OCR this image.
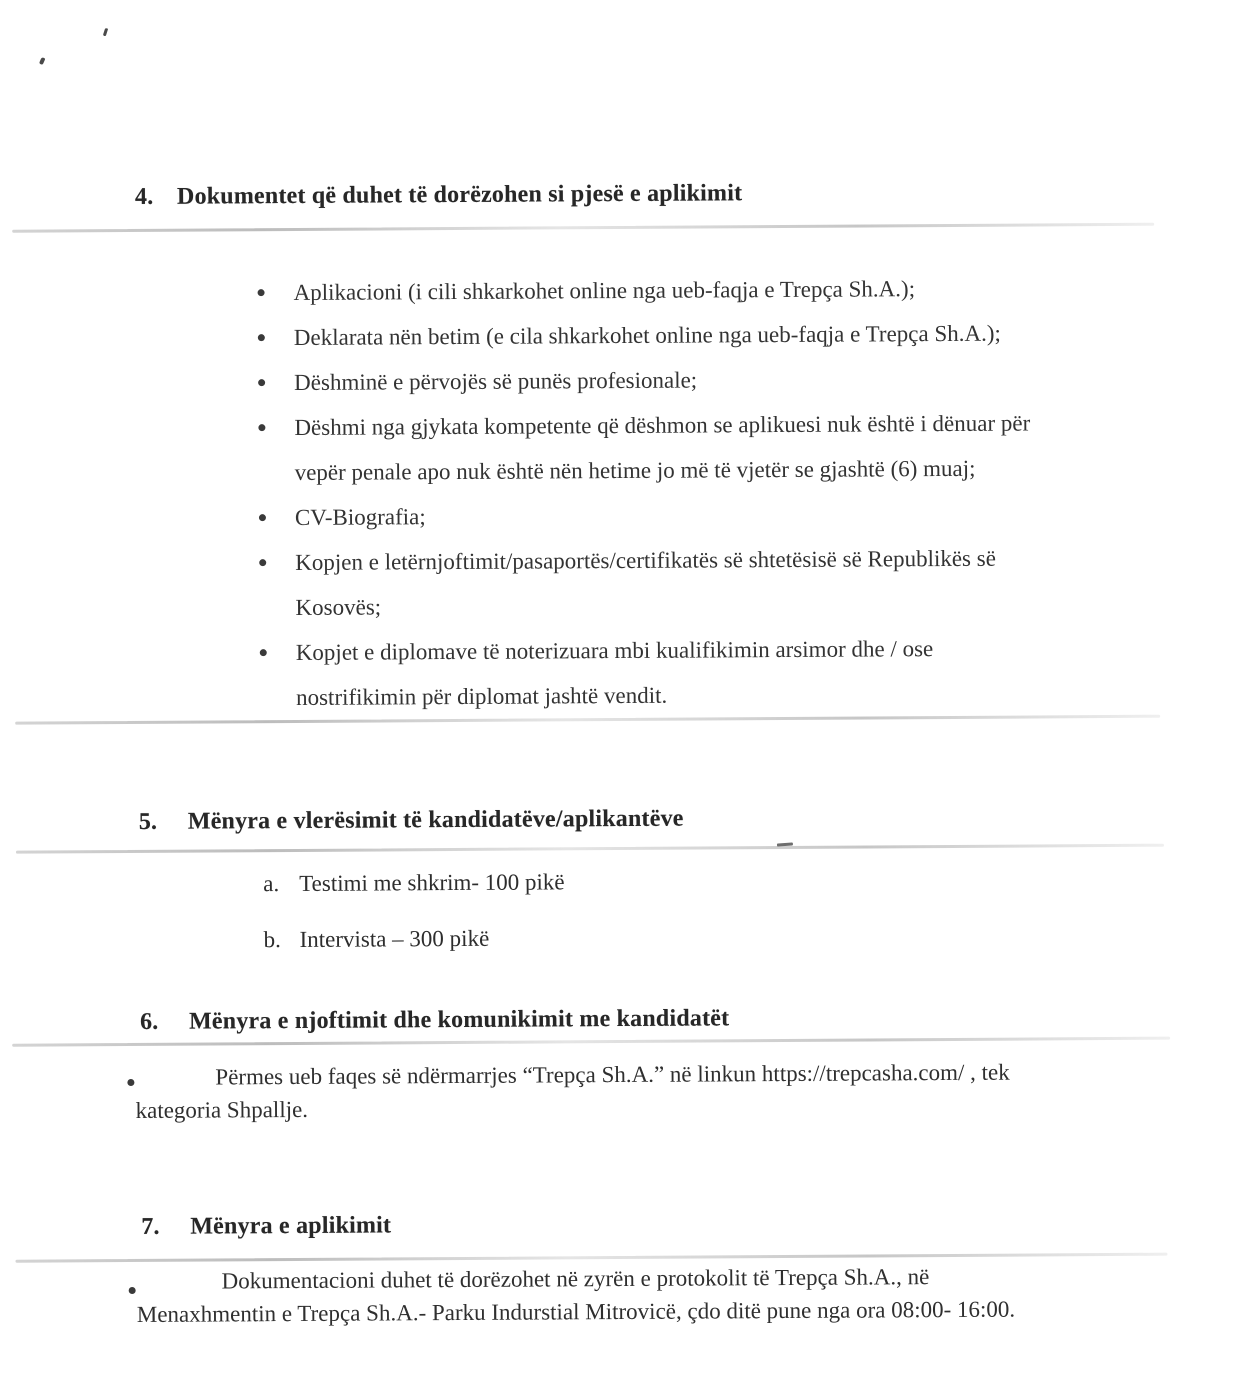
4. Dokumentet që duhet të dorëzohen si pjesë e aplikimit
Aplikacioni (i cili shkarkohet online nga ueb-faqja e Trepça Sh.A.);
Deklarata nën betim (e cila shkarkohet online nga ueb-faqja e Trepça Sh.A.);
Dëshminë e përvojës së punës profesionale;
Dëshmi nga gjykata kompetente që dëshmon se aplikuesi nuk është i dënuar për
vepër penale apo nuk është nën hetime jo më të vjetër se gjashtë (6) muaj;
CV-Biografia;
Kopjen e letërnjoftimit/pasaportës/certifikatës së shtetësisë së Republikës së
Kosovës;
Kopjet e diplomave të noterizuara mbi kualifikimin arsimor dhe / ose
nostrifikimin për diplomat jashtë vendit.
5. Mënyra e vlerësimit të kandidatëve/aplikantëve
a. Testimi me shkrim- 100 pikë
b. Intervista – 300 pikë
6. Mënyra e njoftimit dhe komunikimit me kandidatët
Përmes ueb faqes së ndërmarrjes “Trepça Sh.A.” në linkun https://trepcasha.com/ , tek
kategoria Shpallje.
7. Mënyra e aplikimit
Dokumentacioni duhet të dorëzohet në zyrën e protokolit të Trepça Sh.A., në
Menaxhmentin e Trepça Sh.A.- Parku Indurstial Mitrovicë, çdo ditë pune nga ora 08:00- 16:00.
